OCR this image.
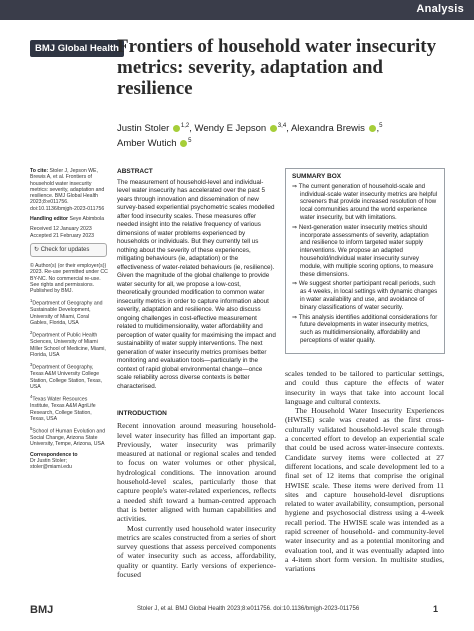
Analysis
BMJ Global Health
Frontiers of household water insecurity metrics: severity, adaptation and resilience
Justin Stoler $^{1,2}$, Wendy E Jepson $^{3,4}$, Alexandra Brewis ,$^5$
Amber Wutich $^5$

To cite: Stoler J, Jepson WE, Brewis A, et al. Frontiers of household water insecurity metrics: severity, adaptation and resilience. BMJ Global Health 2023;8:e011756. doi:10.1136/bmjgh-2023-011756

Handling editor Seye Abimbola

Received 12 January 2023
Accepted 21 February 2023

↻ Check for updates

© Author(s) (or their employer(s)) 2023. Re-use permitted under CC BY-NC. No commercial re-use. See rights and permissions. Published by BMJ.

$^1$Department of Geography and Sustainable Development, University of Miami, Coral Gables, Florida, USA

$^2$Department of Public Health Sciences, University of Miami Miller School of Medicine, Miami, Florida, USA

$^3$Department of Geography, Texas A&M University College Station, College Station, Texas, USA

$^4$Texas Water Resources Institute, Texas A&M AgriLife Research, College Station, Texas, USA

$^5$School of Human Evolution and Social Change, Arizona State University, Tempe, Arizona, USA

Correspondence to
Dr Justin Stoler;
stoler@miami.edu

ABSTRACT
The measurement of household-level and individual-level water insecurity has accelerated over the past 5 years through innovation and dissemination of new survey-based experiential psychometric scales modelled after food insecurity scales. These measures offer needed insight into the relative frequency of various dimensions of water problems experienced by households or individuals. But they currently tell us nothing about the severity of these experiences, mitigating behaviours (ie, adaptation) or the effectiveness of water-related behaviours (ie, resilience). Given the magnitude of the global challenge to provide water security for all, we propose a low-cost, theoretically grounded modification to common water insecurity metrics in order to capture information about severity, adaptation and resilience. We also discuss ongoing challenges in cost-effective measurement related to multidimensionality, water affordability and perception of water quality for maximising the impact and sustainability of water supply interventions. The next generation of water insecurity metrics promises better monitoring and evaluation tools—particularly in the context of rapid global environmental change—once scale reliability across diverse contexts is better characterised.
SUMMARY BOX
⇒ The current generation of household-scale and individual-scale water insecurity metrics are helpful screeners that provide increased resolution of how local communities around the world experience water insecurity, but with limitations.
⇒ Next-generation water insecurity metrics should incorporate assessments of severity, adaptation and resilience to inform targeted water supply interventions. We propose an adapted household/individual water insecurity survey module, with multiple scoring options, to measure these dimensions.
⇒ We suggest shorter participant recall periods, such as 4 weeks, in local settings with dynamic changes in water availability and use, and avoidance of binary classifications of water security.
⇒ This analysis identifies additional considerations for future developments in water insecurity metrics, such as multidimensionality, affordability and perceptions of water quality.
INTRODUCTION
Recent innovation around measuring household-level water insecurity has filled an important gap. Previously, water insecurity was primarily measured at national or regional scales and tended to focus on water volumes or other physical, hydrological conditions. The innovation around household-level scales, particularly those that capture people's water-related experiences, reflects a needed shift toward a human-centred approach that is better aligned with human capabilities and activities.
Most currently used household water insecurity metrics are scales constructed from a series of short survey questions that assess perceived components of water insecurity such as access, affordability, quality or quantity. Early versions of experience-focused
scales tended to be tailored to particular settings, and could thus capture the effects of water insecurity in ways that take into account local language and cultural contexts.
The Household Water Insecurity Experiences (HWISE) scale was created as the first cross-culturally validated household-level scale through a concerted effort to develop an experiential scale that could be used across water-insecure contexts. Candidate survey items were collected at 27 different locations, and scale development led to a final set of 12 items that comprise the original HWISE scale. These items were derived from 11 sites and capture household-level disruptions related to water availability, consumption, personal hygiene and psychosocial distress using a 4-week recall period. The HWISE scale was intended as a rapid screener of household- and community-level water insecurity and as a potential monitoring and evaluation tool, and it was eventually adapted into a 4-item short form version. In multisite studies, variations
BMJ	Stoler J, et al. BMJ Global Health 2023;8:e011756. doi:10.1136/bmjgh-2023-011756	1
